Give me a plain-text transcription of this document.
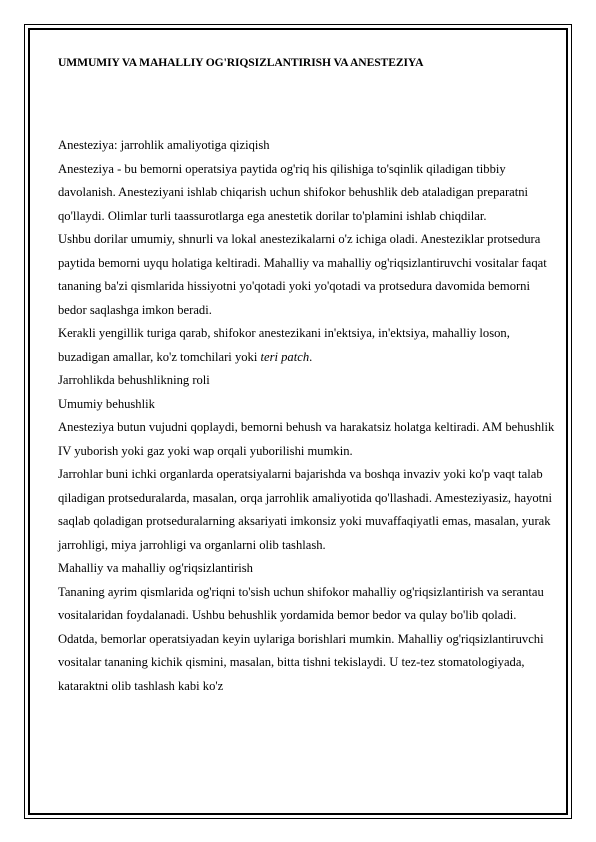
UMMUMIY VA MAHALLIY OG'RIQSIZLANTIRISH VA ANESTEZIYA

Anesteziya: jarrohlik amaliyotiga qiziqish

Anesteziya - bu bemorni operatsiya paytida og'riq his qilishiga to'sqinlik qiladigan tibbiy davolanish. Anesteziyani ishlab chiqarish uchun shifokor behushlik deb ataladigan preparatni qo'llaydi. Olimlar turli taassurotlarga ega anestetik dorilar to'plamini ishlab chiqdilar.

Ushbu dorilar umumiy, shnurli va lokal anestezikalarni o'z ichiga oladi. Anesteziklar protsedura paytida bemorni uyqu holatiga keltiradi. Mahalliy va mahalliy og'riqsizlantiruvchi vositalar faqat tananing ba'zi qismlarida hissiyotni yo'qotadi yoki yo'qotadi va protsedura davomida bemorni bedor saqlashga imkon beradi.

Kerakli yengillik turiga qarab, shifokor anestezikani in'ektsiya, in'ektsiya, mahalliy loson, buzadigan amallar, ko'z tomchilari yoki teri patch.

Jarrohlikda behushlikning roli

Umumiy behushlik

Anesteziya butun vujudni qoplaydi, bemorni behush va harakatsiz holatga keltiradi. AM behushlik IV yuborish yoki gaz yoki wap orqali yuborilishi mumkin.

Jarrohlar buni ichki organlarda operatsiyalarni bajarishda va boshqa invaziv yoki ko'p vaqt talab qiladigan protseduralarda, masalan, orqa jarrohlik amaliyotida qo'llashadi. Amesteziyasiz, hayotni saqlab qoladigan protseduralarning aksariyati imkonsiz yoki muvaffaqiyatli emas, masalan, yurak jarrohligi, miya jarrohligi va organlarni olib tashlash.

Mahalliy va mahalliy og'riqsizlantirish

Tananing ayrim qismlarida og'riqni to'sish uchun shifokor mahalliy og'riqsizlantirish va serantau vositalaridan foydalanadi. Ushbu behushlik yordamida bemor bedor va qulay bo'lib qoladi. Odatda, bemorlar operatsiyadan keyin uylariga borishlari mumkin. Mahalliy og'riqsizlantiruvchi vositalar tananing kichik qismini, masalan, bitta tishni tekislaydi. U tez-tez stomatologiyada, kataraktni olib tashlash kabi ko'z
